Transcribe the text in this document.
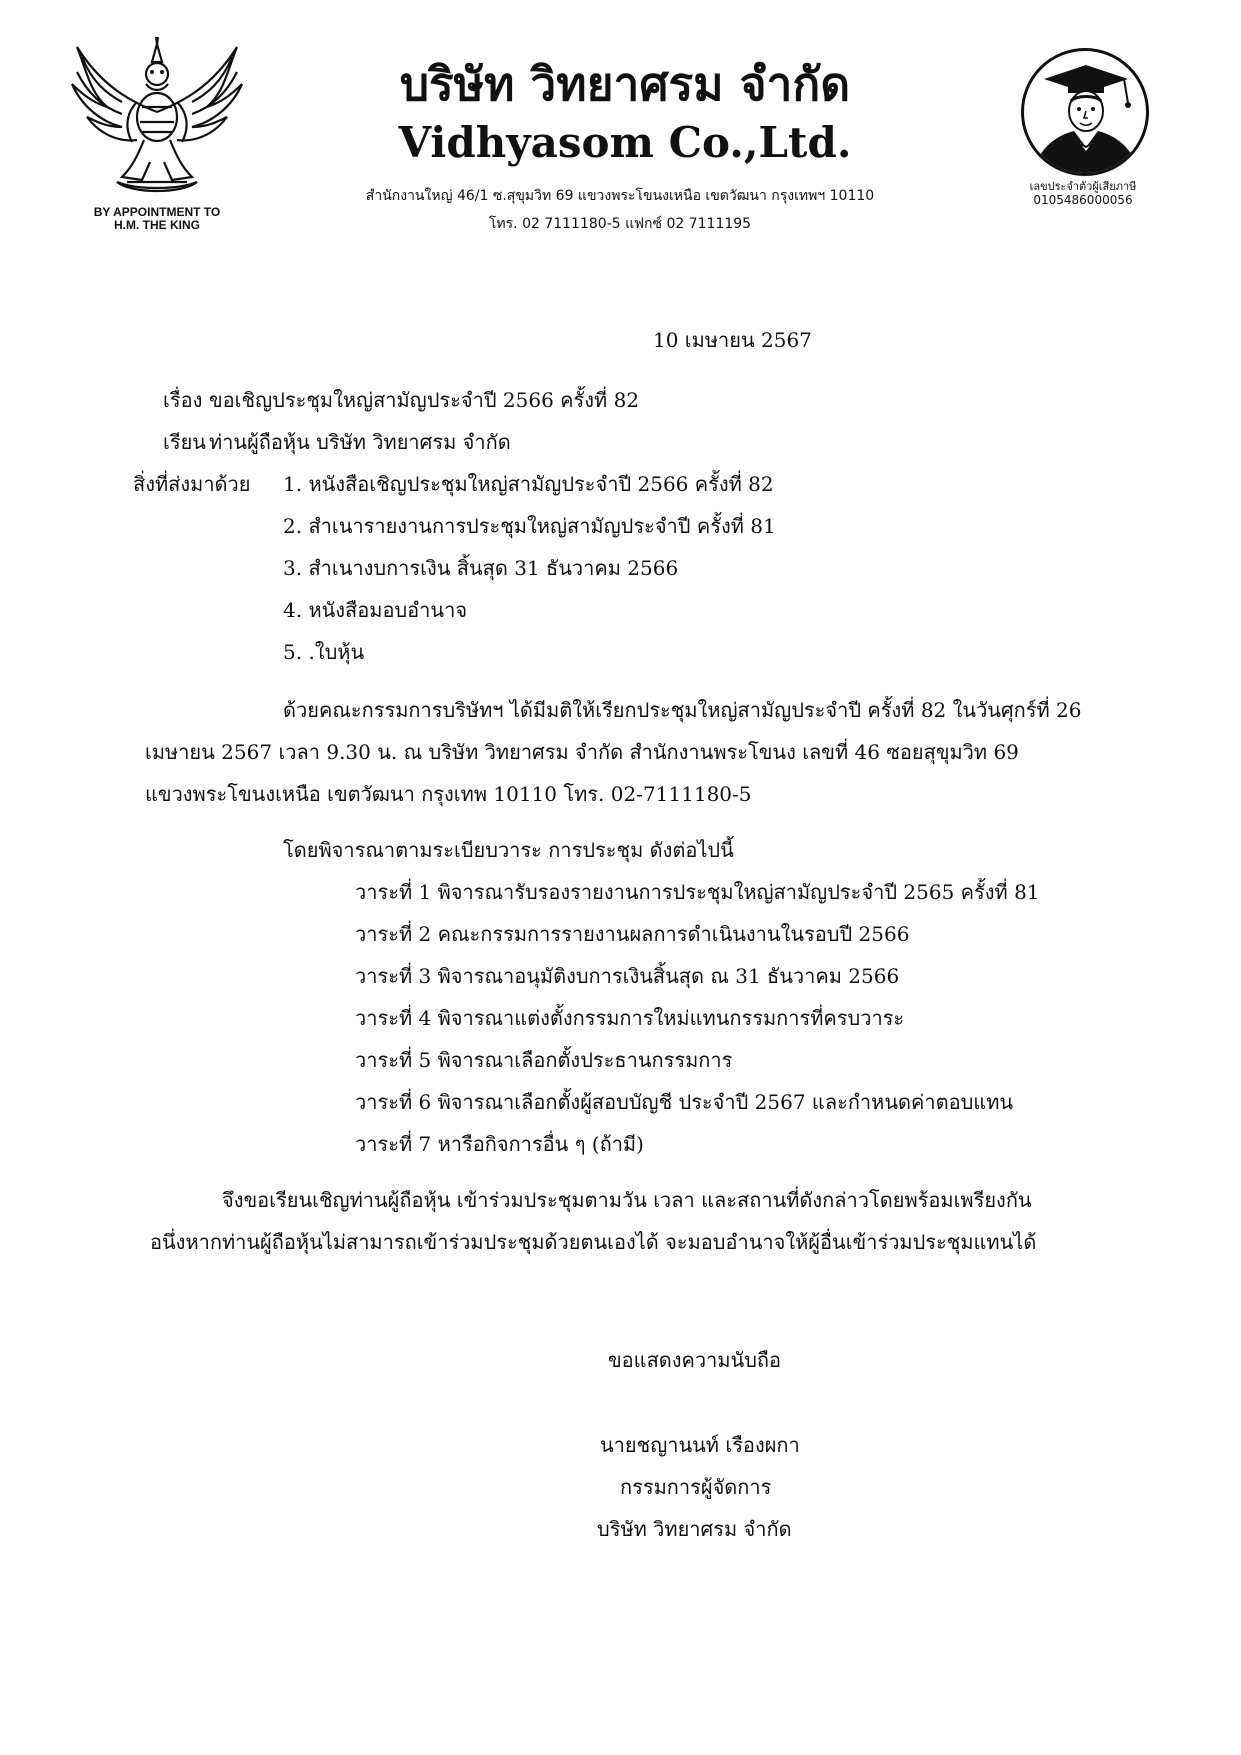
BY APPOINTMENT TO
H.M. THE KING
บริษัท วิทยาศรม จำกัด
Vidhyasom Co.,Ltd.
สำนักงานใหญ่ 46/1 ซ.สุขุมวิท 69 แขวงพระโขนงเหนือ เขตวัฒนา กรุงเทพฯ 10110
โทร. 02 7111180-5 แฟกซ์ 02 7111195
เลขประจำตัวผู้เสียภาษี
0105486000056
10 เมษายน 2567
เรื่อง ขอเชิญประชุมใหญ่สามัญประจำปี 2566 ครั้งที่ 82
เรียน ท่านผู้ถือหุ้น บริษัท วิทยาศรม จำกัด
สิ่งที่ส่งมาด้วย 1. หนังสือเชิญประชุมใหญ่สามัญประจำปี 2566 ครั้งที่ 82
2. สำเนารายงานการประชุมใหญ่สามัญประจำปี ครั้งที่ 81
3. สำเนางบการเงิน สิ้นสุด 31 ธันวาคม 2566
4. หนังสือมอบอำนาจ
5. .ใบหุ้น
ด้วยคณะกรรมการบริษัทฯ ได้มีมติให้เรียกประชุมใหญ่สามัญประจำปี ครั้งที่ 82 ในวันศุกร์ที่ 26
เมษายน 2567 เวลา 9.30 น. ณ บริษัท วิทยาศรม จำกัด สำนักงานพระโขนง เลขที่ 46 ซอยสุขุมวิท 69
แขวงพระโขนงเหนือ เขตวัฒนา กรุงเทพ 10110 โทร. 02-7111180-5
โดยพิจารณาตามระเบียบวาระ การประชุม ดังต่อไปนี้
วาระที่ 1 พิจารณารับรองรายงานการประชุมใหญ่สามัญประจำปี 2565 ครั้งที่ 81
วาระที่ 2 คณะกรรมการรายงานผลการดำเนินงานในรอบปี 2566
วาระที่ 3 พิจารณาอนุมัติงบการเงินสิ้นสุด ณ 31 ธันวาคม 2566
วาระที่ 4 พิจารณาแต่งตั้งกรรมการใหม่แทนกรรมการที่ครบวาระ
วาระที่ 5 พิจารณาเลือกตั้งประธานกรรมการ
วาระที่ 6 พิจารณาเลือกตั้งผู้สอบบัญชี ประจำปี 2567 และกำหนดค่าตอบแทน
วาระที่ 7 หารือกิจการอื่น ๆ (ถ้ามี)
จึงขอเรียนเชิญท่านผู้ถือหุ้น เข้าร่วมประชุมตามวัน เวลา และสถานที่ดังกล่าวโดยพร้อมเพรียงกัน
อนึ่งหากท่านผู้ถือหุ้นไม่สามารถเข้าร่วมประชุมด้วยตนเองได้ จะมอบอำนาจให้ผู้อื่นเข้าร่วมประชุมแทนได้
ขอแสดงความนับถือ
นายชญานนท์ เรืองผกา
กรรมการผู้จัดการ
บริษัท วิทยาศรม จำกัด
